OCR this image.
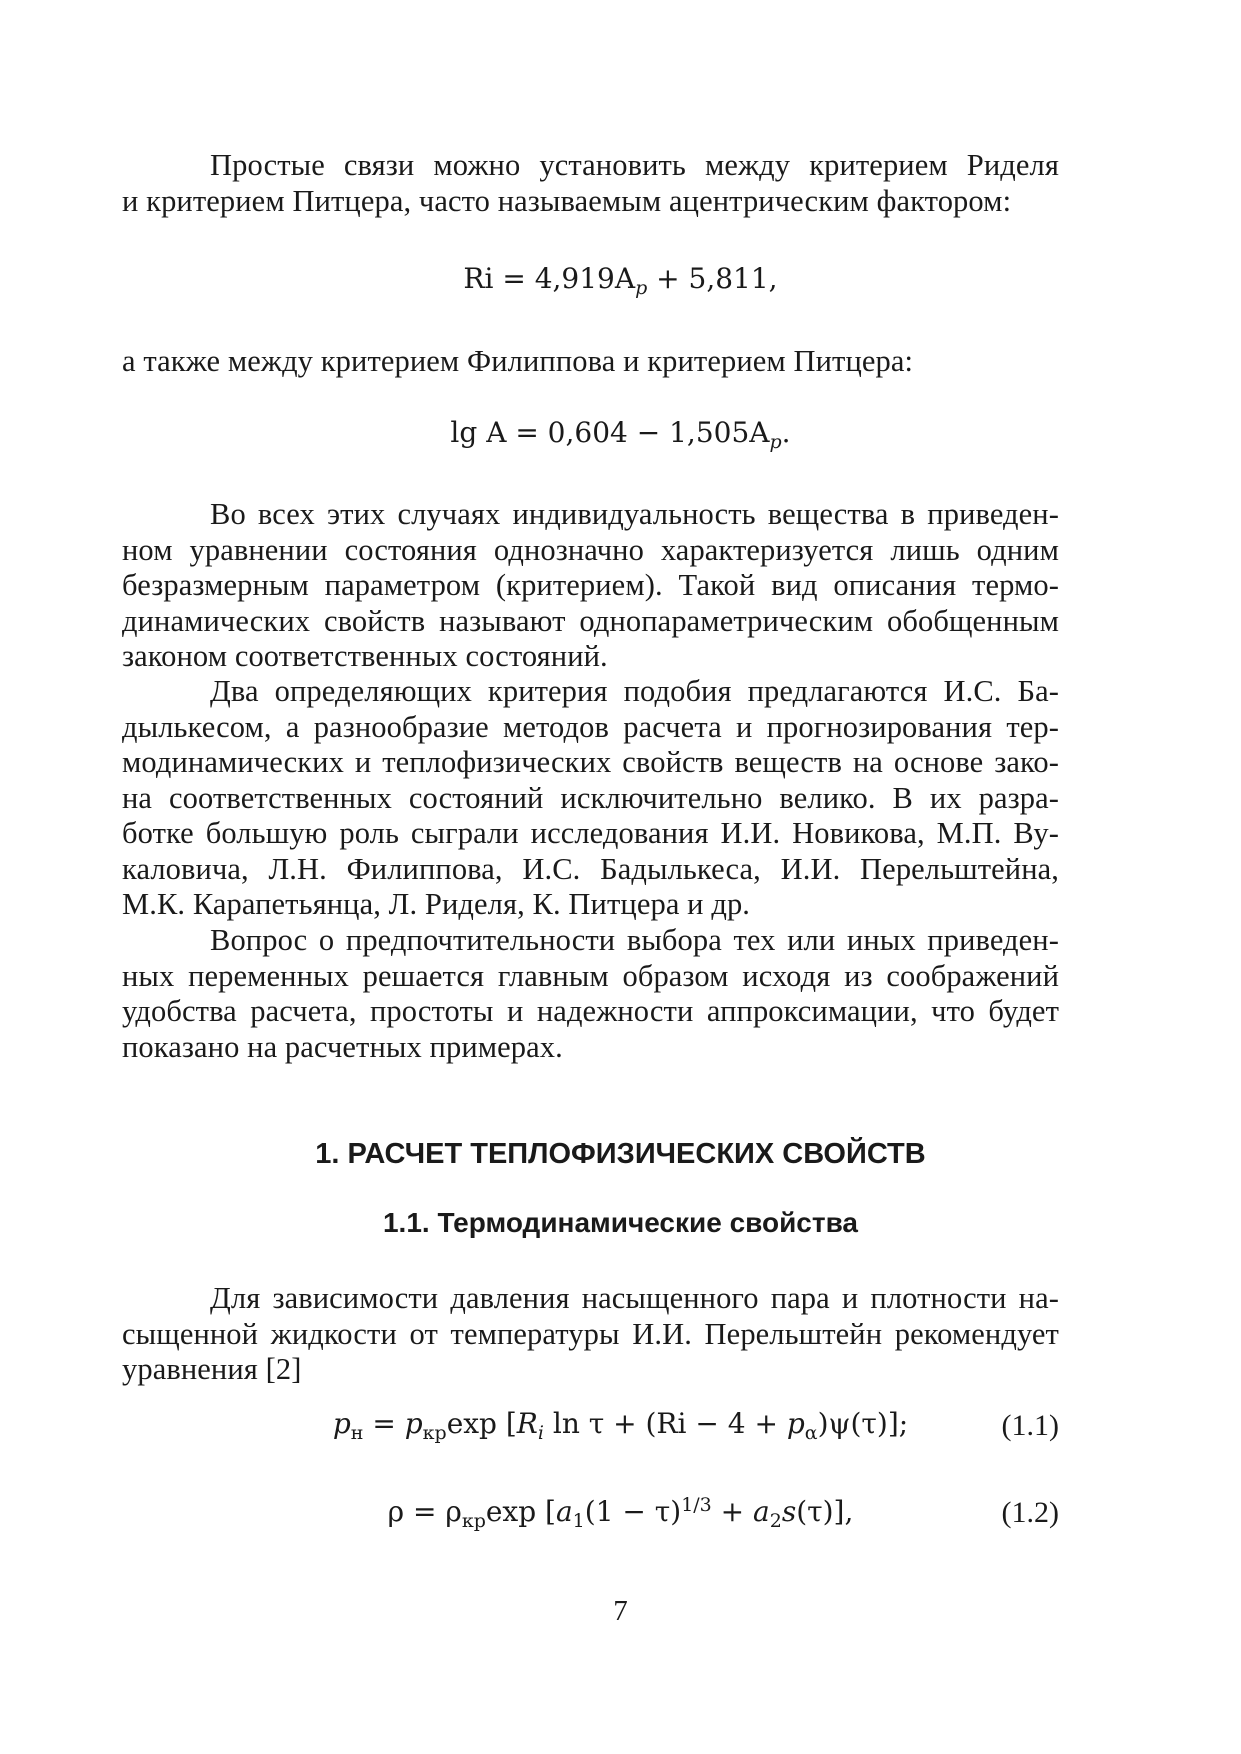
Простые связи можно установить между критерием Риделя
и критерием Питцера, часто называемым ацентрическим фактором:
$Ri = 4,919A_p + 5,811$,
а также между критерием Филиппова и критерием Питцера:
$\lg A = 0,604 - 1,505A_p$.
Во всех этих случаях индивидуальность вещества в приведен-
ном уравнении состояния однозначно характеризуется лишь одним
безразмерным параметром (критерием). Такой вид описания термо-
динамических свойств называют однопараметрическим обобщенным
законом соответственных состояний.
Два определяющих критерия подобия предлагаются И.С. Ба-
дылькесом, а разнообразие методов расчета и прогнозирования тер-
модинамических и теплофизических свойств веществ на основе зако-
на соответственных состояний исключительно велико. В их разра-
ботке большую роль сыграли исследования И.И. Новикова, М.П. Ву-
каловича, Л.Н. Филиппова, И.С. Бадылькеса, И.И. Перельштейна,
М.К. Карапетьянца, Л. Риделя, К. Питцера и др.
Вопрос о предпочтительности выбора тех или иных приведен-
ных переменных решается главным образом исходя из соображений
удобства расчета, простоты и надежности аппроксимации, что будет
показано на расчетных примерах.
1. РАСЧЕТ ТЕПЛОФИЗИЧЕСКИХ СВОЙСТВ
1.1. Термодинамические свойства
Для зависимости давления насыщенного пара и плотности на-
сыщенной жидкости от температуры И.И. Перельштейн рекомендует
уравнения [2]
$p_н = p_{кр}\exp$ [$R_i$ $\ln \tau + (Ri - 4 + p_\alpha)\psi(\tau)$];	(1.1)
$\rho = \rho_{кр}\exp$ $[a_1(1 - \tau)^{1/3} + a_2s(\tau)]$,	(1.2)
7
